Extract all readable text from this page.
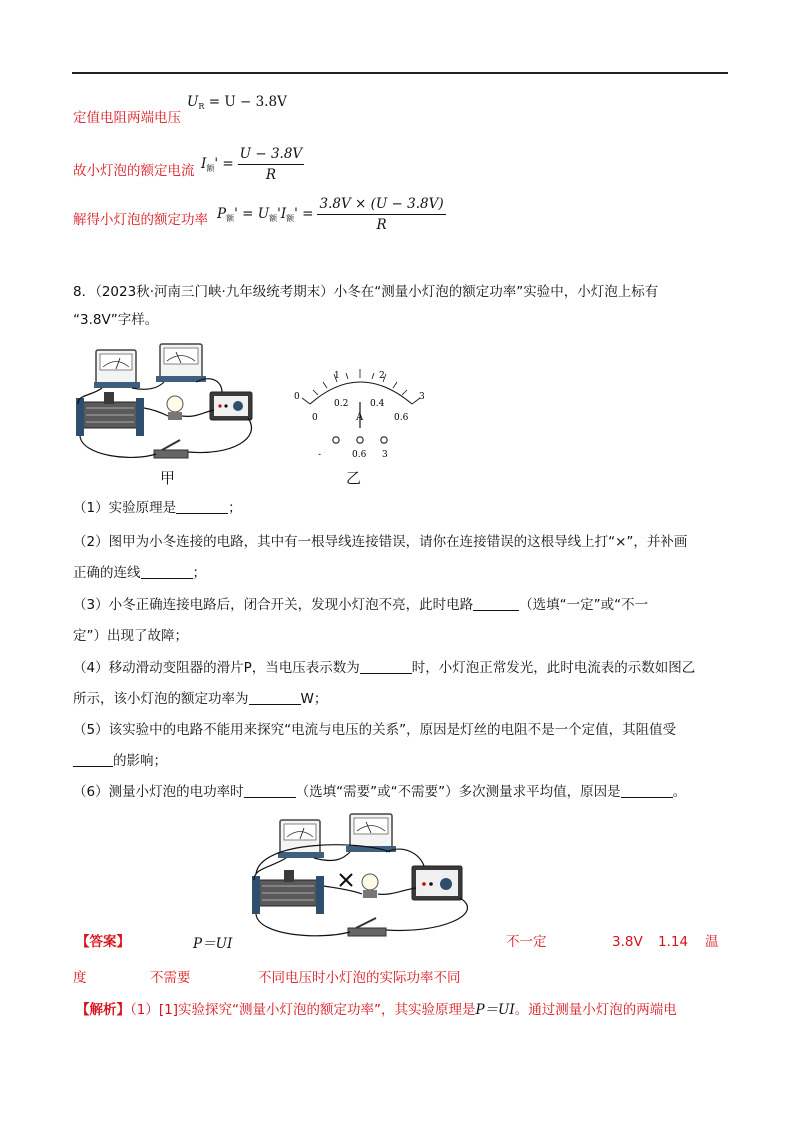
定值电阻两端电压
$U_R = U - 3.8V$
故小灯泡的额定电流 $I_额' = \frac{U - 3.8V}{R}$
解得小灯泡的额定功率 $P_额' = U_额'I_额' = \frac{3.8V \times (U - 3.8V)}{R}$
8．（2023秋·河南三门峡·九年级统考期末）小冬在“测量小灯泡的额定功率”实验中，小灯泡上标有
“3.8V”字样。
甲
0
1	2
3
0
0.2 0.4
0.6
A
-	0.6 3
乙
（1）实验原理是	；
（2）图甲为小冬连接的电路，其中有一根导线连接错误，请你在连接错误的这根导线上打“×”，并补画
正确的连线	；
（3）小冬正确连接电路后，闭合开关，发现小灯泡不亮，此时电路	（选填“一定”或“不一
定”）出现了故障；
（4）移动滑动变阻器的滑片P，当电压表示数为	时，小灯泡正常发光，此时电流表的示数如图乙
所示，该小灯泡的额定功率为	W；
（5）该实验中的电路不能用来探究“电流与电压的关系”，原因是灯丝的电阻不是一个定值，其阻值受
的影响；
（6）测量小灯泡的电功率时	（选填“需要”或“不需要”）多次测量求平均值，原因是	。
【答案】	P＝UI	不一定	3.8V 1.14 温
度	不需要	不同电压时小灯泡的实际功率不同
【解析】（1）[1]实验探究“测量小灯泡的额定功率”，其实验原理是P＝UI。通过测量小灯泡的两端电
